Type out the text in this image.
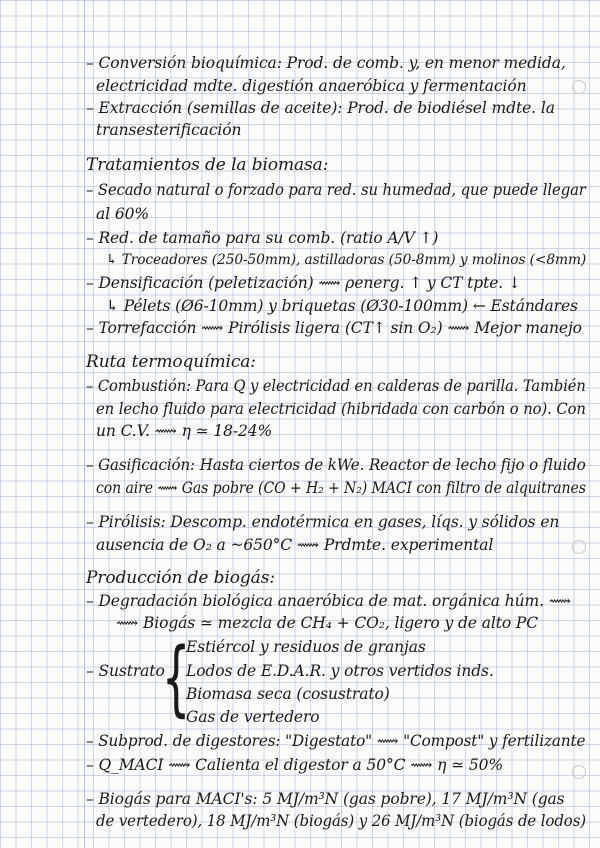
– Conversión bioquímica: Prod. de comb. y, en menor medida,
electricidad mdte. digestión anaeróbica y fermentación
– Extracción (semillas de aceite): Prod. de biodiésel mdte. la
transesterificación
Tratamientos de la biomasa:
– Secado natural o forzado para red. su humedad, que puede llegar
al 60%
– Red. de tamaño para su comb. (ratio A/V ↑)
↳ Troceadores (250-50mm), astilladoras (50-8mm) y molinos (<8mm)
– Densificación (peletización) ⟿ ρenerg. ↑ y CT tpte. ↓
↳ Pélets (Ø6-10mm) y briquetas (Ø30-100mm) ← Estándares
– Torrefacción ⟿ Pirólisis ligera (CT↑ sin O₂) ⟿ Mejor manejo
Ruta termoquímica:
– Combustión: Para Q y electricidad en calderas de parilla. También
en lecho fluido para electricidad (hibridada con carbón o no). Con
un C.V. ⟿ η ≃ 18-24%
– Gasificación: Hasta ciertos de kWe. Reactor de lecho fijo o fluido
con aire ⟿ Gas pobre (CO + H₂ + N₂) MACI con filtro de alquitranes
– Pirólisis: Descomp. endotérmica en gases, líqs. y sólidos en
ausencia de O₂ a ~650°C ⟿ Prdmte. experimental
Producción de biogás:
– Degradación biológica anaeróbica de mat. orgánica húm. ⟿
⟿ Biogás ≃ mezcla de CH₄ + CO₂, ligero y de alto PC
Estiércol y residuos de granjas
– Sustrato
{
Lodos de E.D.A.R. y otros vertidos inds.
Biomasa seca (cosustrato)
Gas de vertedero
– Subprod. de digestores: "Digestato" ⟿ "Compost" y fertilizante
– Q_MACI ⟿ Calienta el digestor a 50°C ⟿ η ≃ 50%
– Biogás para MACI's: 5 MJ/m³N (gas pobre), 17 MJ/m³N (gas
de vertedero), 18 MJ/m³N (biogás) y 26 MJ/m³N (biogás de lodos)
